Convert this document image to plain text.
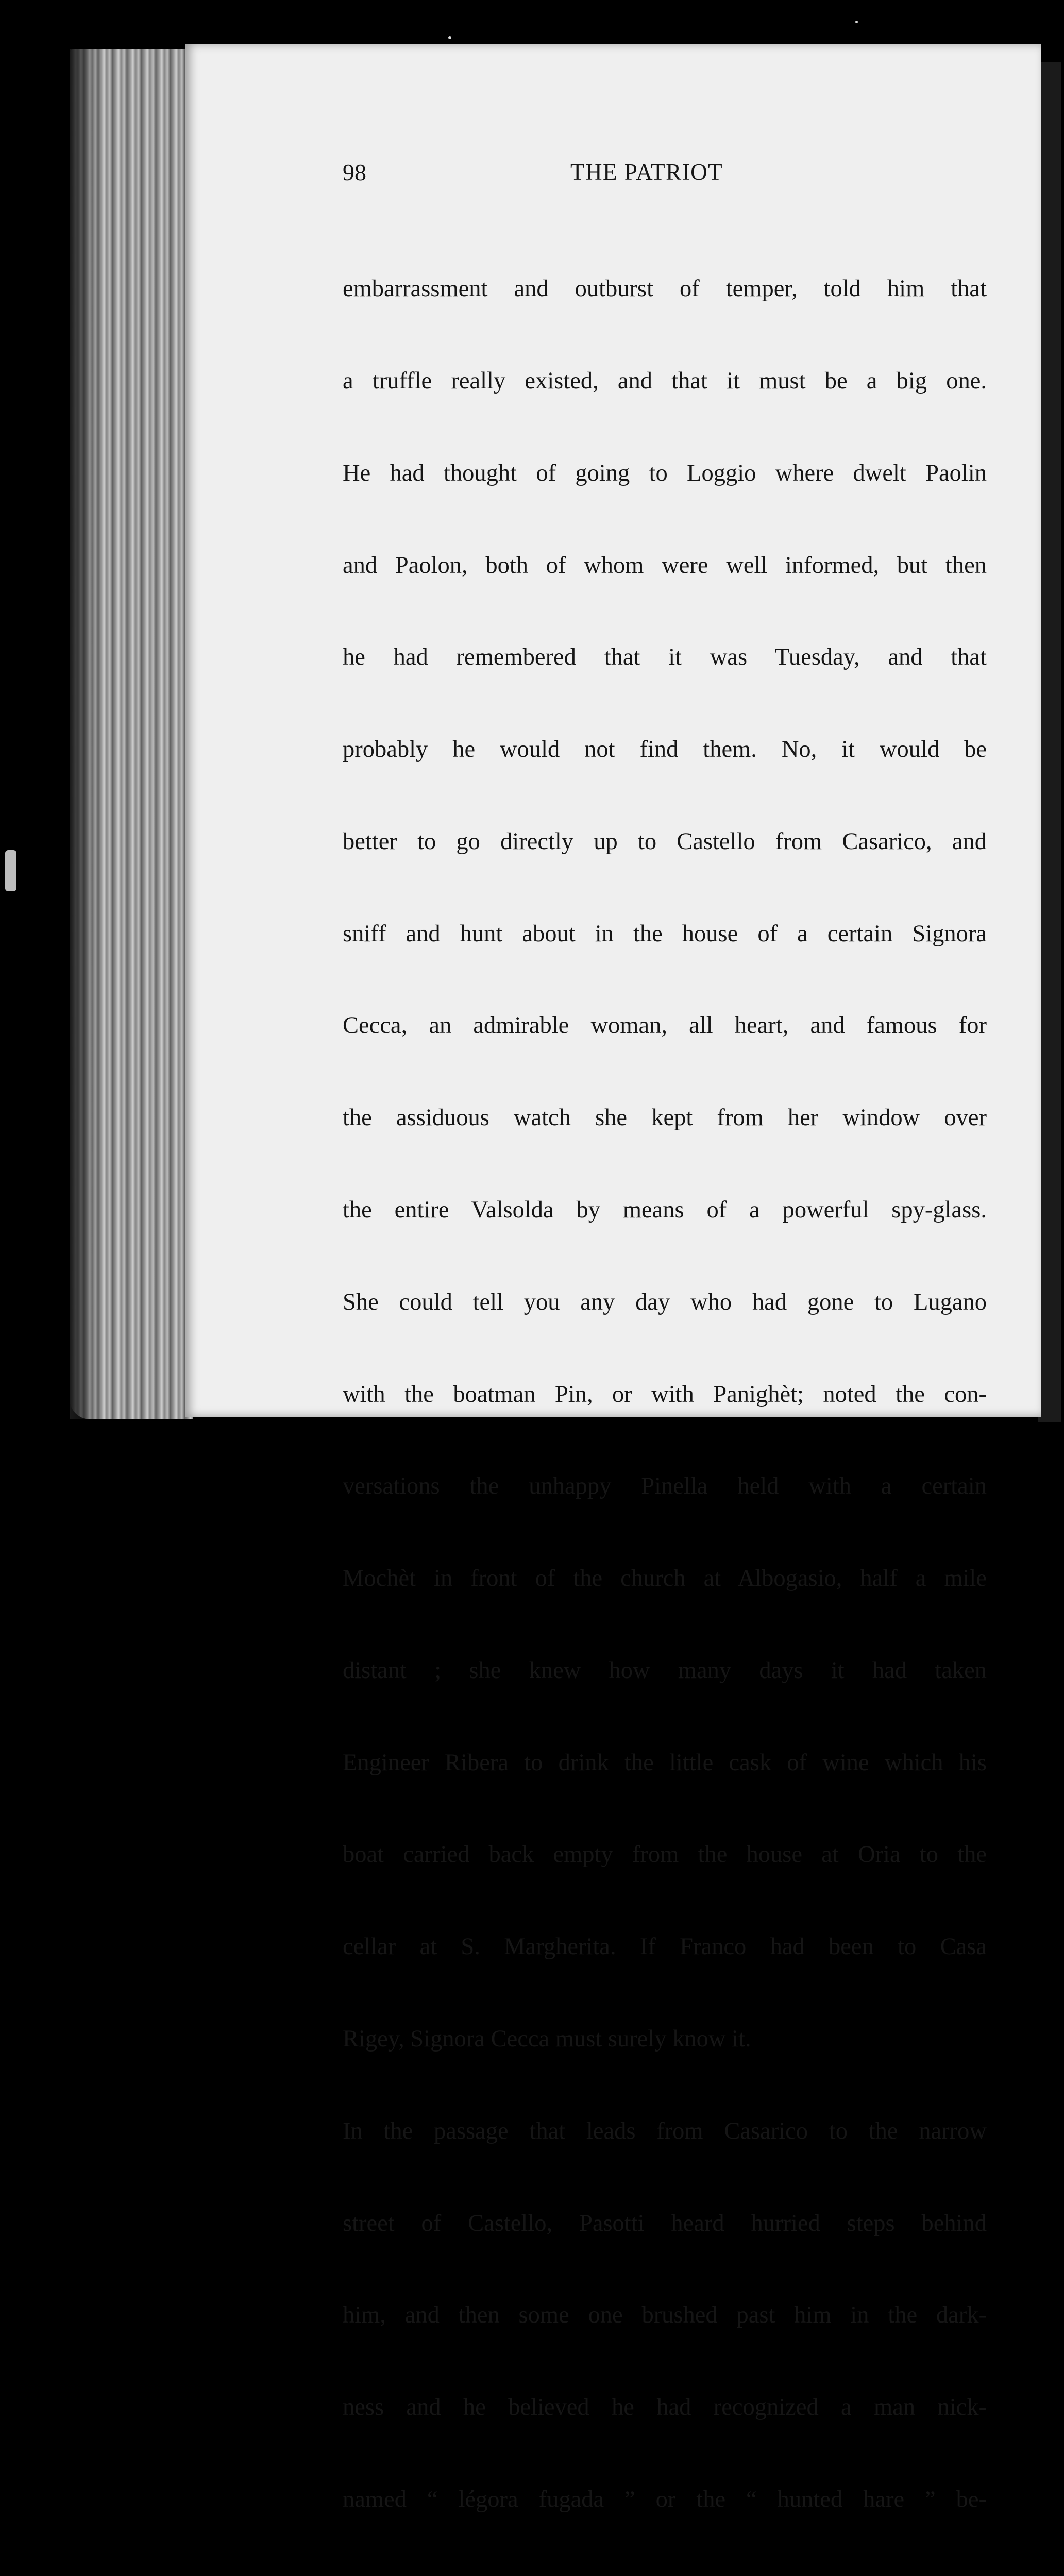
98	THE PATRIOT

embarrassment and outburst of temper, told him that

a truffle really existed, and that it must be a big one.

He had thought of going to Loggio where dwelt Paolin

and Paolon, both of whom were well informed, but then

he had remembered that it was Tuesday, and that

probably he would not find them. No, it would be

better to go directly up to Castello from Casarico, and

sniff and hunt about in the house of a certain Signora

Cecca, an admirable woman, all heart, and famous for

the assiduous watch she kept from her window over

the entire Valsolda by means of a powerful spy-glass.

She could tell you any day who had gone to Lugano

with the boatman Pin, or with Panighèt; noted the con-

versations the unhappy Pinella held with a certain

Mochèt in front of the church at Albogasio, half a mile

distant ; she knew how many days it had taken

Engineer Ribera to drink the little cask of wine which his

boat carried back empty from the house at Oria to the

cellar at S. Margherita. If Franco had been to Casa

Rigey, Signora Cecca must surely know it.

In the passage that leads from Casarico to the narrow

street of Castello, Pasotti heard hurried steps behind

him, and then some one brushed past him in the dark-

ness and he believed he had recognized a man nick-

named “ légora fugada ” or the “ hunted hare ” be-
